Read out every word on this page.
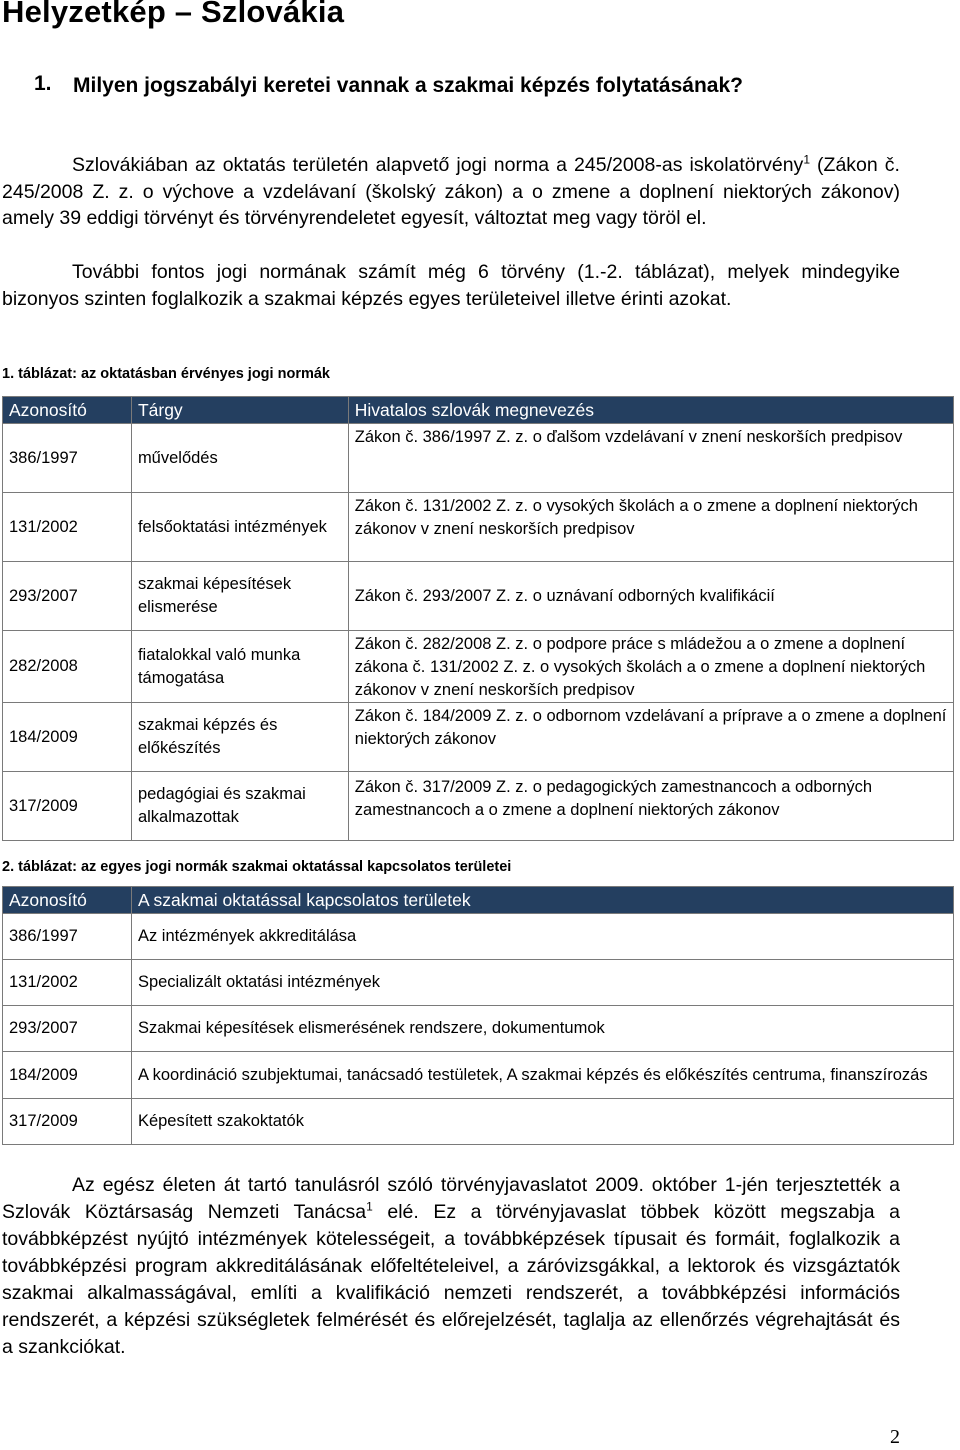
Helyzetkép – Szlovákia
1. Milyen jogszabályi keretei vannak a szakmai képzés folytatásának?
Szlovákiában az oktatás területén alapvető jogi norma a 245/2008-as iskolatörvény$^1$ (Zákon č. 245/2008 Z. z. o výchove a vzdelávaní (školský zákon) a o zmene a doplnení niektorých zákonov) amely 39 eddigi törvényt és törvényrendeletet egyesít, változtat meg vagy töröl el.
További fontos jogi normának számít még 6 törvény (1.-2. táblázat), melyek mindegyike bizonyos szinten foglalkozik a szakmai képzés egyes területeivel illetve érinti azokat.
1. táblázat: az oktatásban érvényes jogi normák
Azonosító	Tárgy	Hivatalos szlovák megnevezés
386/1997	művelődés	Zákon č. 386/1997 Z. z. o ďalšom vzdelávaní v znení neskorších predpisov
131/2002	felsőoktatási intézmények	Zákon č. 131/2002 Z. z. o vysokých školách a o zmene a doplnení niektorých zákonov v znení neskorších predpisov
293/2007	szakmai képesítések elismerése	Zákon č. 293/2007 Z. z. o uznávaní odborných kvalifikácií
282/2008	fiatalokkal való munka támogatása	Zákon č. 282/2008 Z. z. o podpore práce s mládežou a o zmene a doplnení zákona č. 131/2002 Z. z. o vysokých školách a o zmene a doplnení niektorých zákonov v znení neskorších predpisov
184/2009	szakmai képzés és előkészítés	Zákon č. 184/2009 Z. z. o odbornom vzdelávaní a príprave a o zmene a doplnení niektorých zákonov
317/2009	pedagógiai és szakmai alkalmazottak	Zákon č. 317/2009 Z. z. o pedagogických zamestnancoch a odborných zamestnancoch a o zmene a doplnení niektorých zákonov
2. táblázat: az egyes jogi normák szakmai oktatással kapcsolatos területei
Azonosító	A szakmai oktatással kapcsolatos területek
386/1997	Az intézmények akkreditálása
131/2002	Specializált oktatási intézmények
293/2007	Szakmai képesítések elismerésének rendszere, dokumentumok
184/2009	A koordináció szubjektumai, tanácsadó testületek, A szakmai képzés és előkészítés centruma, finanszírozás
317/2009	Képesített szakoktatók
Az egész életen át tartó tanulásról szóló törvényjavaslatot 2009. október 1-jén terjesztették a Szlovák Köztársaság Nemzeti Tanácsa$^1$ elé. Ez a törvényjavaslat többek között megszabja a továbbképzést nyújtó intézmények kötelességeit, a továbbképzések típusait és formáit, foglalkozik a továbbképzési program akkreditálásának előfeltételeivel, a záróvizsgákkal, a lektorok és vizsgáztatók szakmai alkalmasságával, említi a kvalifikáció nemzeti rendszerét, a továbbképzési információs rendszerét, a képzési szükségletek felmérését és előrejelzését, taglalja az ellenőrzés végrehajtását és a szankciókat.
2
